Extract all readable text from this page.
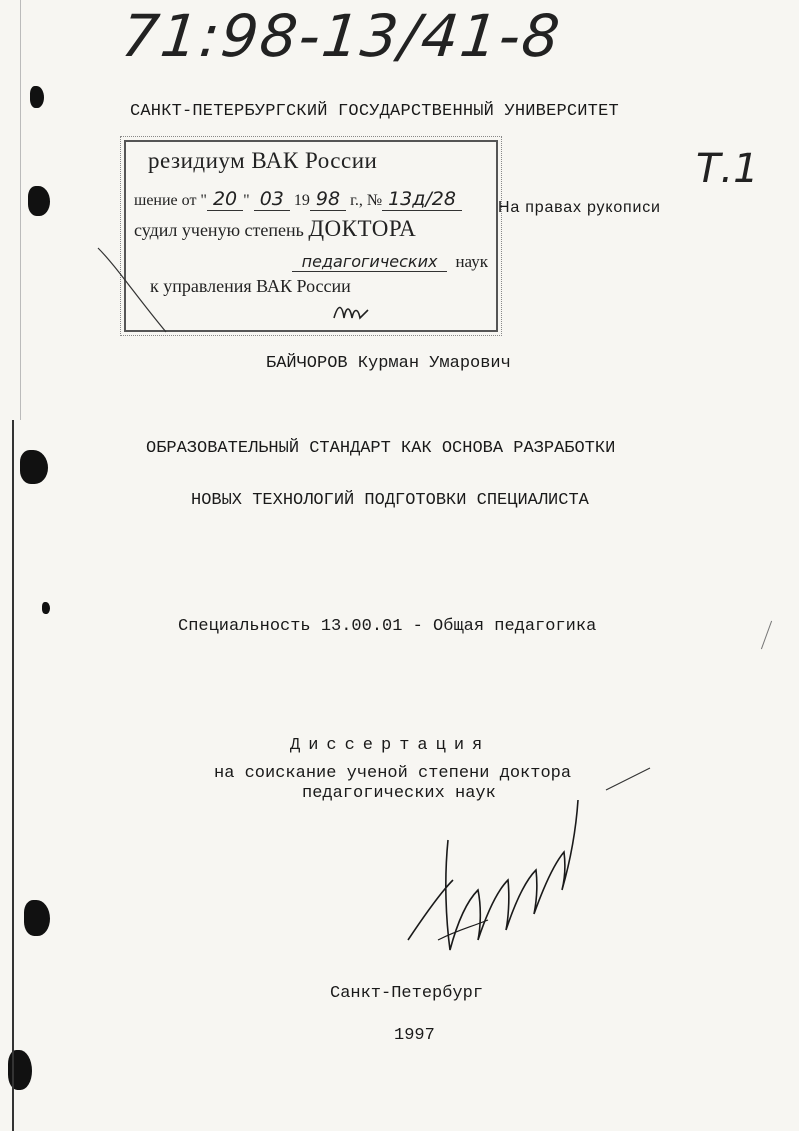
71:98-13/41-8
САНКТ-ПЕТЕРБУРГСКИЙ ГОСУДАРСТВЕННЫЙ УНИВЕРСИТЕТ
резидиум ВАК России
шение от " 20 " 03 19 98 г., № 13д/28
судил ученую степень ДОКТОРА
педагогических наук
к управления ВАК России
На правах рукописи
Т.1
БАЙЧОРОВ Курман Умарович
ОБРАЗОВАТЕЛЬНЫЙ СТАНДАРТ КАК ОСНОВА РАЗРАБОТКИ
НОВЫХ ТЕХНОЛОГИЙ ПОДГОТОВКИ СПЕЦИАЛИСТА
Специальность 13.00.01 - Общая педагогика
Диссертация
на соискание ученой степени доктора
педагогических наук
Санкт-Петербург
1997
